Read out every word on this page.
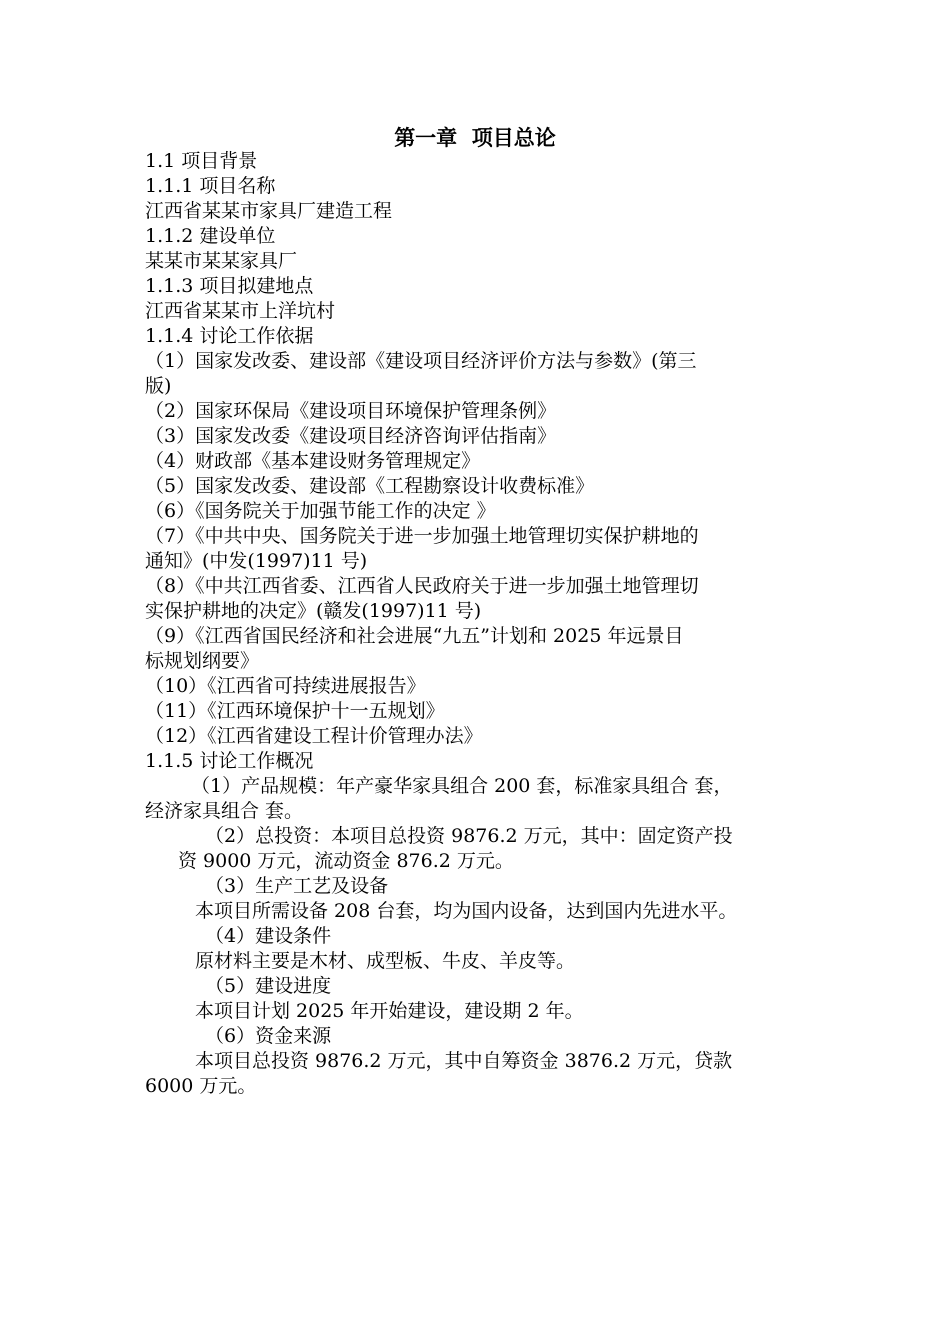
第一章  项目总论
1.1 项目背景
1.1.1 项目名称
江西省某某市家具厂建造工程
1.1.2 建设单位
某某市某某家具厂
1.1.3 项目拟建地点
江西省某某市上洋坑村
1.1.4 讨论工作依据
（1）国家发改委、建设部《建设项目经济评价方法与参数》(第三
版)
（2）国家环保局《建设项目环境保护管理条例》
（3）国家发改委《建设项目经济咨询评估指南》
（4）财政部《基本建设财务管理规定》
（5）国家发改委、建设部《工程勘察设计收费标准》
（6）《国务院关于加强节能工作的决定 》
（7）《中共中央、国务院关于进一步加强土地管理切实保护耕地的
通知》(中发(1997)11 号)
（8）《中共江西省委、江西省人民政府关于进一步加强土地管理切
实保护耕地的决定》(赣发(1997)11 号)
（9）《江西省国民经济和社会进展“九五”计划和 2025 年远景目
标规划纲要》
（10）《江西省可持续进展报告》
（11）《江西环境保护十一五规划》
（12）《江西省建设工程计价管理办法》
1.1.5 讨论工作概况
（1）产品规模：年产豪华家具组合 200 套，标准家具组合 套，
经济家具组合 套。
（2）总投资：本项目总投资 9876.2 万元，其中：固定资产投
资 9000 万元，流动资金 876.2 万元。
（3）生产工艺及设备
本项目所需设备 208 台套，均为国内设备，达到国内先进水平。
（4）建设条件
原材料主要是木材、成型板、牛皮、羊皮等。
（5）建设进度
本项目计划 2025 年开始建设，建设期 2 年。
（6）资金来源
本项目总投资 9876.2 万元，其中自筹资金 3876.2 万元，贷款
6000 万元。
